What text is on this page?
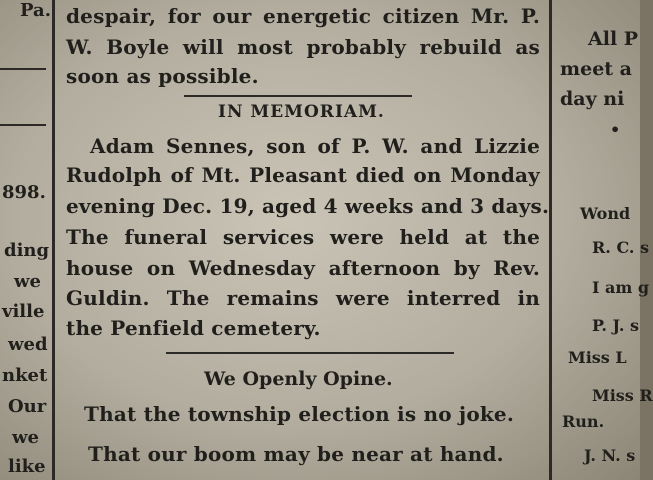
Pa.
898.
ding
we
ville
wed
nket
Our
we
like
despair, for our energetic citizen Mr. P.
W. Boyle will most probably rebuild as
soon as possible.
IN MEMORIAM.
Adam Sennes, son of P. W. and Lizzie
Rudolph of Mt. Pleasant died on Monday
evening Dec. 19, aged 4 weeks and 3 days.
The funeral services were held at the
house on Wednesday afternoon by Rev.
Guldin. The remains were interred in
the Penfield cemetery.
We Openly Opine.
That the township election is no joke.
That our boom may be near at hand.
All P
meet a
day ni
•
Wond
R. C. s
I am g
P. J. s
Miss L
Miss R
Run.
J. N. s
